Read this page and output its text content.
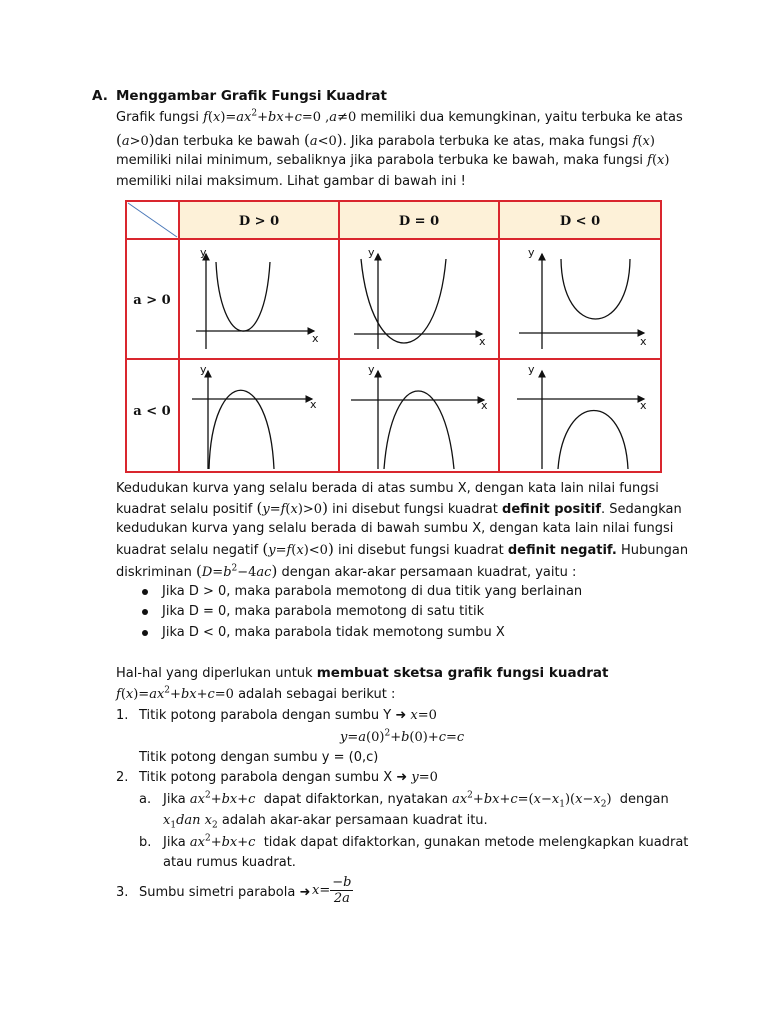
A. Menggambar Grafik Fungsi Kuadrat
Grafik fungsi $f(x)=ax^2+bx+c=0$ ,a≠0 memiliki dua kemungkinan, yaitu terbuka ke atas
(a>0)dan terbuka ke bawah (a<0). Jika parabola terbuka ke atas, maka fungsi f(x)
memiliki nilai minimum, sebaliknya jika parabola terbuka ke bawah, maka fungsi f(x)
memiliki nilai maksimum. Lihat gambar di bawah ini !
D > 0	D = 0	D < 0
a > 0
a < 0
y
x
y
x
y
x
y
x
y
x
y
x
Kedudukan kurva yang selalu berada di atas sumbu X, dengan kata lain nilai fungsi
kuadrat selalu positif (y=f(x)>0) ini disebut fungsi kuadrat definit positif. Sedangkan
kedudukan kurva yang selalu berada di bawah sumbu X, dengan kata lain nilai fungsi
kuadrat selalu negatif (y=f(x)<0) ini disebut fungsi kuadrat definit negatif. Hubungan
diskriminan $(D=b^2-4ac)$ dengan akar-akar persamaan kuadrat, yaitu :
Jika D > 0, maka parabola memotong di dua titik yang berlainan
Jika D = 0, maka parabola memotong di satu titik
Jika D < 0, maka parabola tidak memotong sumbu X
Hal-hal yang diperlukan untuk membuat sketsa grafik fungsi kuadrat
$f(x)=ax^2+bx+c=0$ adalah sebagai berikut :
1. Titik potong parabola dengan sumbu Y ➜ x=0
$y=a(0)^2+b(0)+c=c$
Titik potong dengan sumbu y = (0,c)
2. Titik potong parabola dengan sumbu X ➜ y=0
a. Jika $ax^2+bx+c$ dapat difaktorkan, nyatakan $ax^2+bx+c=(x-x_1)(x-x_2)$ dengan
$x_1dan$ $x_2$ adalah akar-akar persamaan kuadrat itu.
b. Jika $ax^2+bx+c$ tidak dapat difaktorkan, gunakan metode melengkapkan kuadrat
atau rumus kuadrat.
3. Sumbu simetri parabola ➜ $x= \frac{-b}{2a}$
